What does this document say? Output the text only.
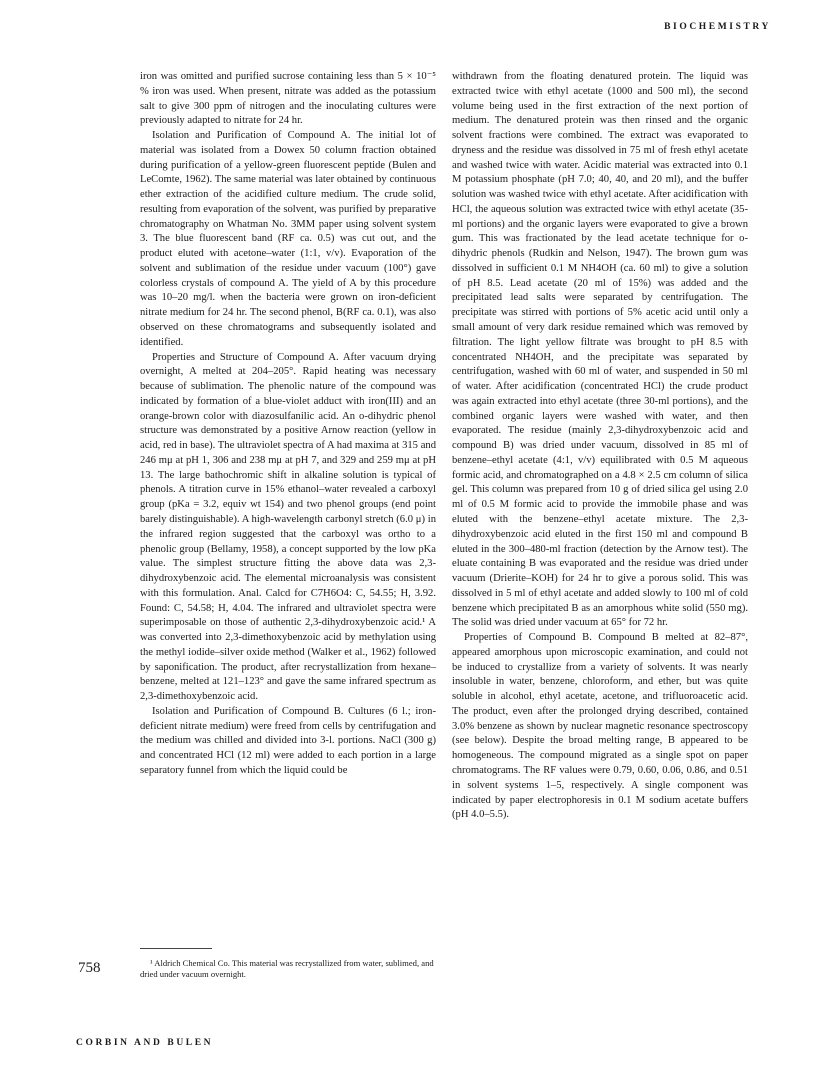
BIOCHEMISTRY

iron was omitted and purified sucrose containing less than 5 × 10⁻⁵ % iron was used. When present, nitrate was added as the potassium salt to give 300 ppm of nitrogen and the inoculating cultures were previously adapted to nitrate for 24 hr.

Isolation and Purification of Compound A. The initial lot of material was isolated from a Dowex 50 column fraction obtained during purification of a yellow-green fluorescent peptide (Bulen and LeComte, 1962). The same material was later obtained by continuous ether extraction of the acidified culture medium. The crude solid, resulting from evaporation of the solvent, was purified by preparative chromatography on Whatman No. 3MM paper using solvent system 3. The blue fluorescent band (RF ca. 0.5) was cut out, and the product eluted with acetone–water (1:1, v/v). Evaporation of the solvent and sublimation of the residue under vacuum (100°) gave colorless crystals of compound A. The yield of A by this procedure was 10–20 mg/l. when the bacteria were grown on iron-deficient nitrate medium for 24 hr. The second phenol, B(RF ca. 0.1), was also observed on these chromatograms and subsequently isolated and identified.

Properties and Structure of Compound A. After vacuum drying overnight, A melted at 204–205°. Rapid heating was necessary because of sublimation. The phenolic nature of the compound was indicated by formation of a blue-violet adduct with iron(III) and an orange-brown color with diazosulfanilic acid. An o-dihydric phenol structure was demonstrated by a positive Arnow reaction (yellow in acid, red in base). The ultraviolet spectra of A had maxima at 315 and 246 mμ at pH 1, 306 and 238 mμ at pH 7, and 329 and 259 mμ at pH 13. The large bathochromic shift in alkaline solution is typical of phenols. A titration curve in 15% ethanol–water revealed a carboxyl group (pKa = 3.2, equiv wt 154) and two phenol groups (end point barely distinguishable). A high-wavelength carbonyl stretch (6.0 μ) in the infrared region suggested that the carboxyl was ortho to a phenolic group (Bellamy, 1958), a concept supported by the low pKa value. The simplest structure fitting the above data was 2,3-dihydroxybenzoic acid. The elemental microanalysis was consistent with this formulation. Anal. Calcd for C7H6O4: C, 54.55; H, 3.92. Found: C, 54.58; H, 4.04. The infrared and ultraviolet spectra were superimposable on those of authentic 2,3-dihydroxybenzoic acid.¹ A was converted into 2,3-dimethoxybenzoic acid by methylation using the methyl iodide–silver oxide method (Walker et al., 1962) followed by saponification. The product, after recrystallization from hexane–benzene, melted at 121–123° and gave the same infrared spectrum as 2,3-dimethoxybenzoic acid.

Isolation and Purification of Compound B. Cultures (6 l.; iron-deficient nitrate medium) were freed from cells by centrifugation and the medium was chilled and divided into 3-l. portions. NaCl (300 g) and concentrated HCl (12 ml) were added to each portion in a large separatory funnel from which the liquid could be

withdrawn from the floating denatured protein. The liquid was extracted twice with ethyl acetate (1000 and 500 ml), the second volume being used in the first extraction of the next portion of medium. The denatured protein was then rinsed and the organic solvent fractions were combined. The extract was evaporated to dryness and the residue was dissolved in 75 ml of fresh ethyl acetate and washed twice with water. Acidic material was extracted into 0.1 M potassium phosphate (pH 7.0; 40, 40, and 20 ml), and the buffer solution was washed twice with ethyl acetate. After acidification with HCl, the aqueous solution was extracted twice with ethyl acetate (35-ml portions) and the organic layers were evaporated to give a brown gum. This was fractionated by the lead acetate technique for o-dihydric phenols (Rudkin and Nelson, 1947). The brown gum was dissolved in sufficient 0.1 M NH4OH (ca. 60 ml) to give a solution of pH 8.5. Lead acetate (20 ml of 15%) was added and the precipitated lead salts were separated by centrifugation. The precipitate was stirred with portions of 5% acetic acid until only a small amount of very dark residue remained which was removed by filtration. The light yellow filtrate was brought to pH 8.5 with concentrated NH4OH, and the precipitate was separated by centrifugation, washed with 60 ml of water, and suspended in 50 ml of water. After acidification (concentrated HCl) the crude product was again extracted into ethyl acetate (three 30-ml portions), and the combined organic layers were washed with water, and then evaporated. The residue (mainly 2,3-dihydroxybenzoic acid and compound B) was dried under vacuum, dissolved in 85 ml of benzene–ethyl acetate (4:1, v/v) equilibrated with 0.5 M aqueous formic acid, and chromatographed on a 4.8 × 2.5 cm column of silica gel. This column was prepared from 10 g of dried silica gel using 2.0 ml of 0.5 M formic acid to provide the immobile phase and was eluted with the benzene–ethyl acetate mixture. The 2,3-dihydroxybenzoic acid eluted in the first 150 ml and compound B eluted in the 300–480-ml fraction (detection by the Arnow test). The eluate containing B was evaporated and the residue was dried under vacuum (Drierite–KOH) for 24 hr to give a porous solid. This was dissolved in 5 ml of ethyl acetate and added slowly to 100 ml of cold benzene which precipitated B as an amorphous white solid (550 mg). The solid was dried under vacuum at 65° for 72 hr.

Properties of Compound B. Compound B melted at 82–87°, appeared amorphous upon microscopic examination, and could not be induced to crystallize from a variety of solvents. It was nearly insoluble in water, benzene, chloroform, and ether, but was quite soluble in alcohol, ethyl acetate, acetone, and trifluoroacetic acid. The product, even after the prolonged drying described, contained 3.0% benzene as shown by nuclear magnetic resonance spectroscopy (see below). Despite the broad melting range, B appeared to be homogeneous. The compound migrated as a single spot on paper chromatograms. The RF values were 0.79, 0.60, 0.06, 0.86, and 0.51 in solvent systems 1–5, respectively. A single component was indicated by paper electrophoresis in 0.1 M sodium acetate buffers (pH 4.0–5.5).

¹ Aldrich Chemical Co. This material was recrystallized from water, sublimed, and dried under vacuum overnight.
758
CORBIN AND BULEN
